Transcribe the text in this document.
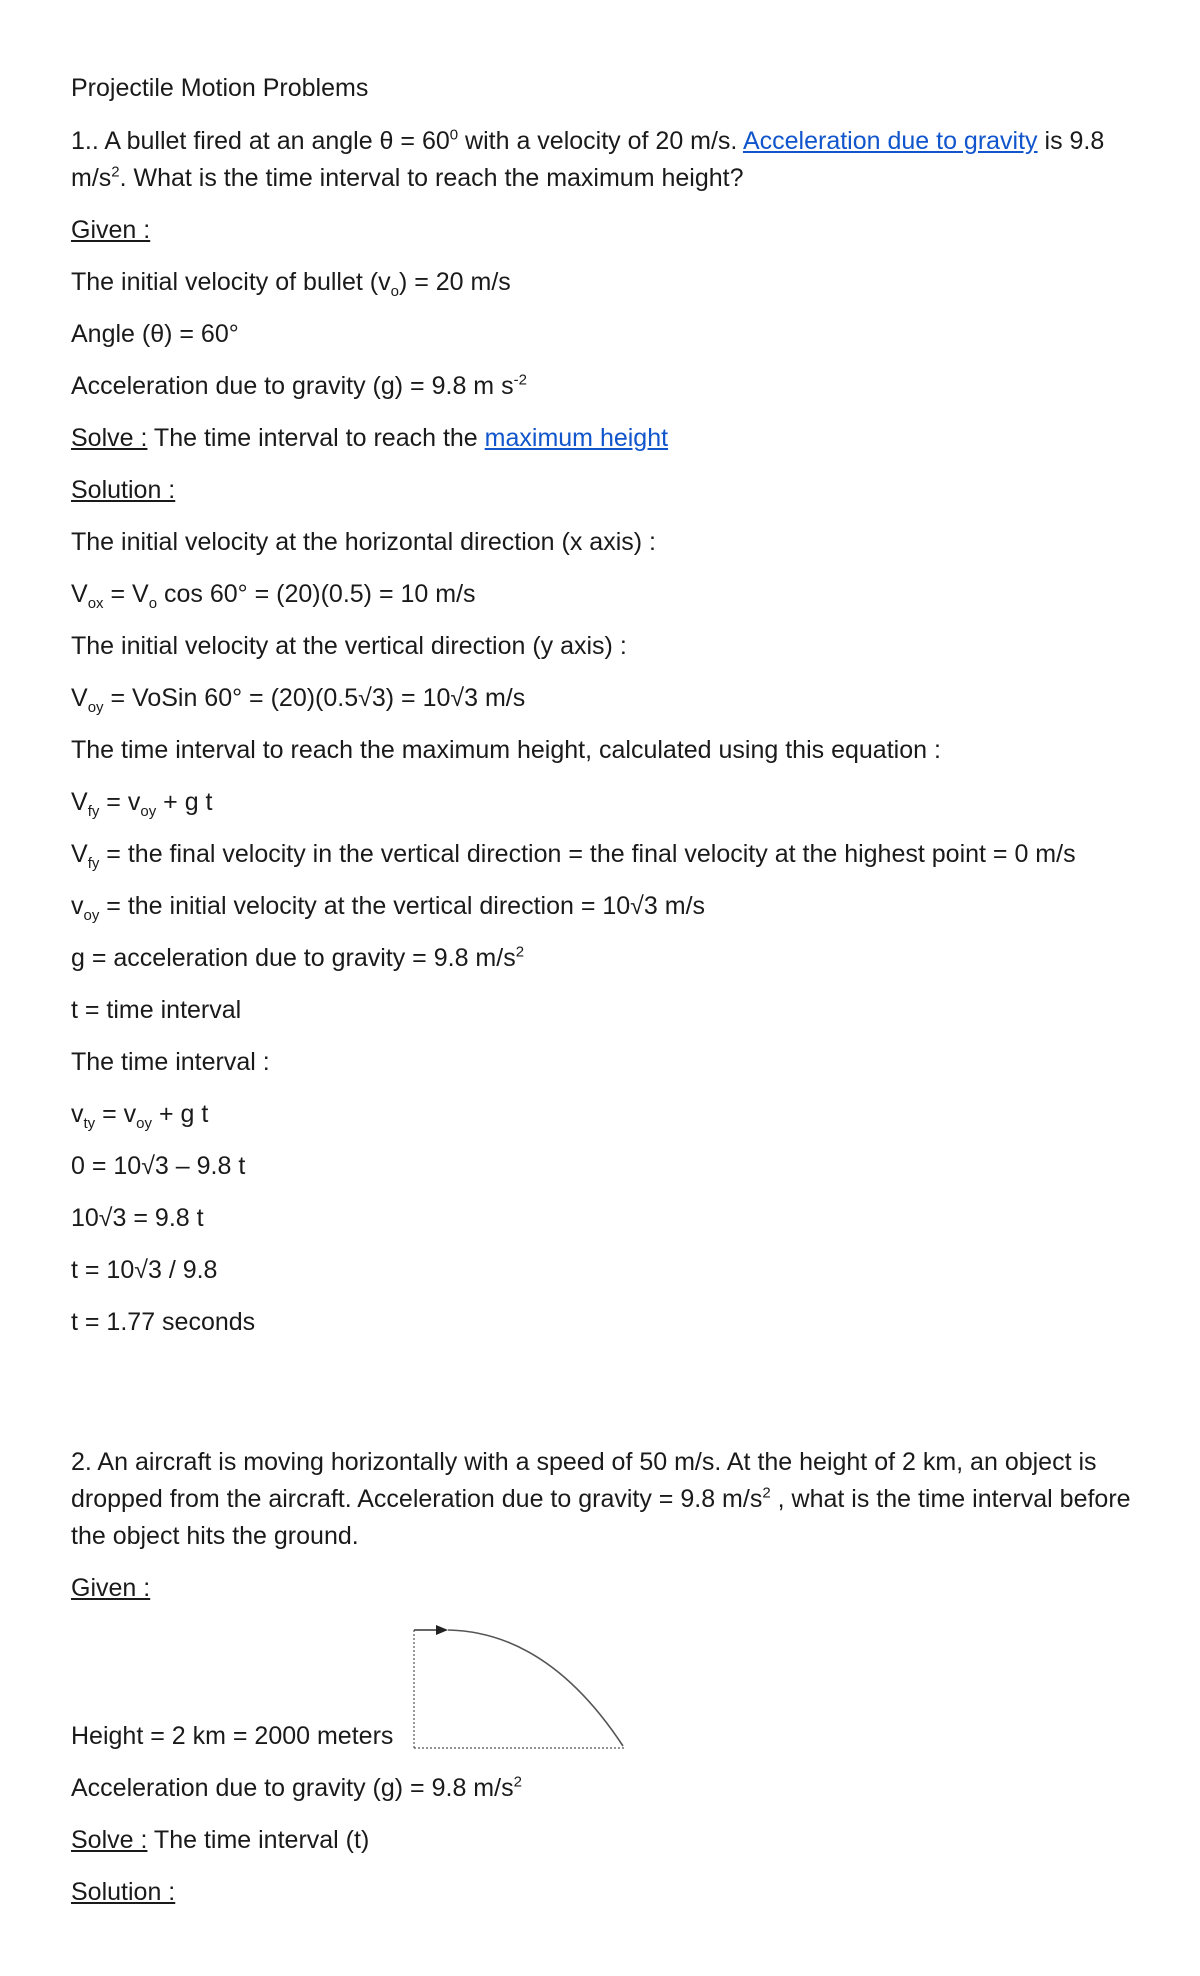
Projectile Motion Problems
1.. A bullet fired at an angle $\theta = 60^0$ with a velocity of 20 m/s. Acceleration due to gravity is 9.8 $m/s^2$. What is the time interval to reach the maximum height?
Given :
The initial velocity of bullet $(v_o) = 20$ m/s
Angle (θ) = 60°
Acceleration due to gravity (g) = 9.8 m $s^{-2}$
Solve : The time interval to reach the maximum height
Solution :
The initial velocity at the horizontal direction (x axis) :
$V_{ox} = V_o$ cos 60° = (20)(0.5) = 10 m/s
The initial velocity at the vertical direction (y axis) :
$V_{oy}$ = VoSin 60° = (20)(0.5√3) = 10√3 m/s
The time interval to reach the maximum height, calculated using this equation :
$V_{fy} = v_{oy} + g$ t
$V_{fy}$ = the final velocity in the vertical direction = the final velocity at the highest point = 0 m/s
$v_{oy}$ = the initial velocity at the vertical direction = 10√3 m/s
g = acceleration due to gravity = 9.8 $m/s^2$
t = time interval
The time interval :
$v_{ty} = v_{oy} + g$ t
0 = 10√3 – 9.8 t
10√3 = 9.8 t
t = 10√3 / 9.8
t = 1.77 seconds
2. An aircraft is moving horizontally with a speed of 50 m/s. At the height of 2 km, an object is dropped from the aircraft. Acceleration due to gravity = 9.8 $m/s^2$ , what is the time interval before the object hits the ground.
Given :
Height = 2 km = 2000 meters
Acceleration due to gravity (g) = 9.8 $m/s^2$
Solve : The time interval (t)
Solution :
